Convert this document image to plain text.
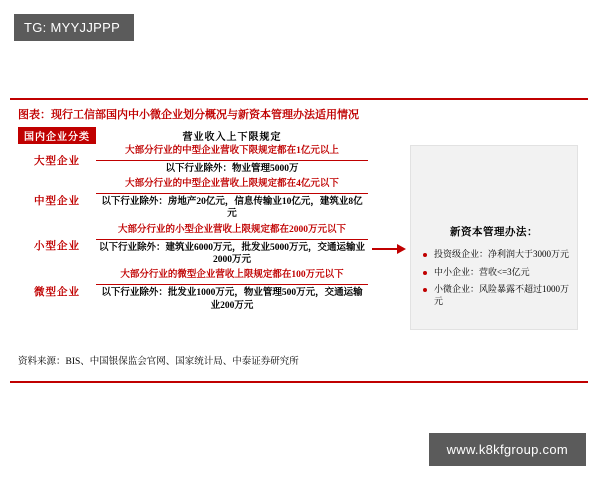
TG: MYYJJPPP
图表：现行工信部国内中小微企业划分概况与新资本管理办法适用情况
国内企业分类	营业收入上下限规定
大型企业	大部分行业的中型企业营收下限规定都在1亿元以上
以下行业除外：物业管理5000万

中型企业	大部分行业的中型企业营收上限规定都在4亿元以下
以下行业除外：房地产20亿元，信息传输业10亿元，建筑业8亿元

小型企业	大部分行业的小型企业营收上限规定都在2000万元以下
以下行业除外：建筑业6000万元，批发业5000万元，交通运输业2000万元

微型企业	大部分行业的微型企业营收上限规定都在100万元以下
以下行业除外：批发业1000万元，物业管理500万元，交通运输业200万元
新资本管理办法：
投资级企业：净利润大于3000万元
中小企业：营收<=3亿元
小微企业：风险暴露不超过1000万元
资料来源：BIS、中国银保监会官网、国家统计局、中泰证券研究所
www.k8kfgroup.com
